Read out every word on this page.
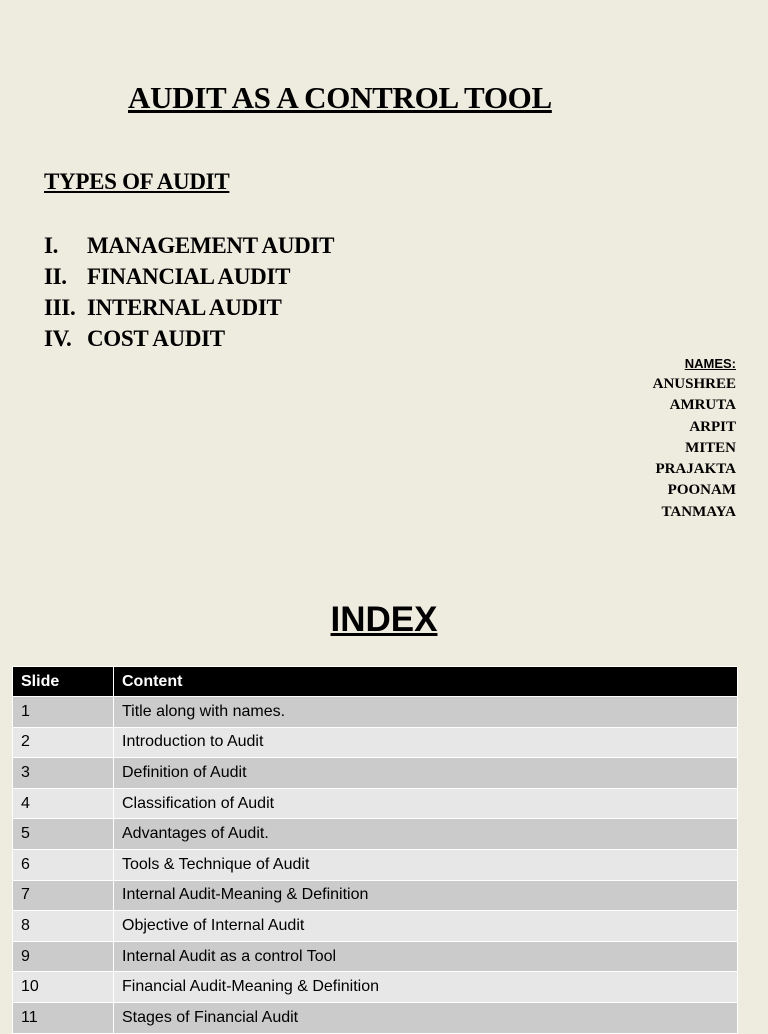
AUDIT AS A CONTROL TOOL
TYPES OF AUDIT
I.	MANAGEMENT AUDIT
II. FINANCIAL AUDIT
III. INTERNAL AUDIT
IV. COST AUDIT
NAMES:
ANUSHREE
AMRUTA
ARPIT
MITEN
PRAJAKTA
POONAM
TANMAYA
INDEX
Slide	Content
1	Title along with names.
2	Introduction to Audit
3	Definition of Audit
4	Classification of Audit
5	Advantages of Audit.
6	Tools & Technique of Audit
7	Internal Audit-Meaning & Definition
8	Objective of Internal Audit
9	Internal Audit as a control Tool
10	Financial Audit-Meaning & Definition
11	Stages of Financial Audit
